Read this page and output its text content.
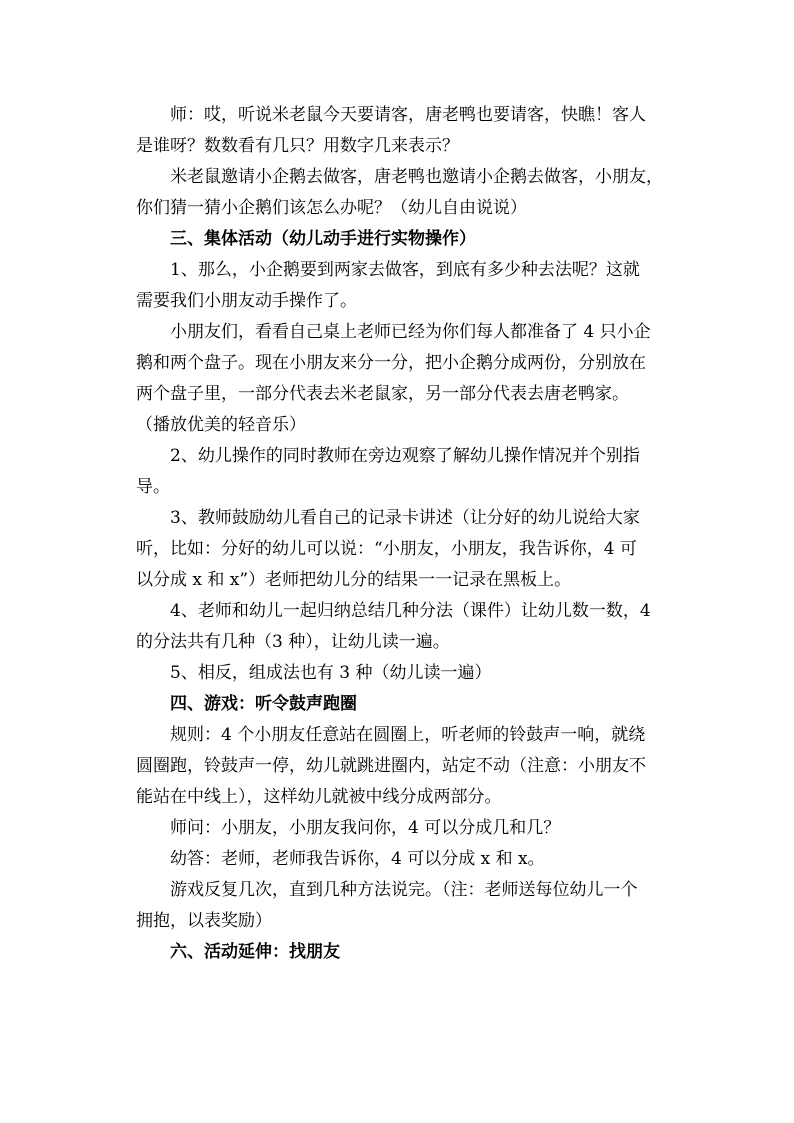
师：哎，听说米老鼠今天要请客，唐老鸭也要请客，快瞧！客人
是谁呀？数数看有几只？用数字几来表示？
米老鼠邀请小企鹅去做客，唐老鸭也邀请小企鹅去做客，小朋友，
你们猜一猜小企鹅们该怎么办呢？（幼儿自由说说）
三、集体活动（幼儿动手进行实物操作）
1、那么，小企鹅要到两家去做客，到底有多少种去法呢？这就
需要我们小朋友动手操作了。
小朋友们，看看自己桌上老师已经为你们每人都准备了 4 只小企
鹅和两个盘子。现在小朋友来分一分，把小企鹅分成两份，分别放在
两个盘子里，一部分代表去米老鼠家，另一部分代表去唐老鸭家。
（播放优美的轻音乐）
2、幼儿操作的同时教师在旁边观察了解幼儿操作情况并个别指
导。
3、教师鼓励幼儿看自己的记录卡讲述（让分好的幼儿说给大家
听，比如：分好的幼儿可以说：“小朋友，小朋友，我告诉你，4 可
以分成 x 和 x”）老师把幼儿分的结果一一记录在黑板上。
4、老师和幼儿一起归纳总结几种分法（课件）让幼儿数一数，4
的分法共有几种（3 种），让幼儿读一遍。
5、相反，组成法也有 3 种（幼儿读一遍）
四、游戏：听令鼓声跑圈
规则：4 个小朋友任意站在圆圈上，听老师的铃鼓声一响，就绕
圆圈跑，铃鼓声一停，幼儿就跳进圈内，站定不动（注意：小朋友不
能站在中线上），这样幼儿就被中线分成两部分。
师问：小朋友，小朋友我问你，4 可以分成几和几？
幼答：老师，老师我告诉你，4 可以分成 x 和 x。
游戏反复几次，直到几种方法说完。（注：老师送每位幼儿一个
拥抱，以表奖励）
六、活动延伸：找朋友
